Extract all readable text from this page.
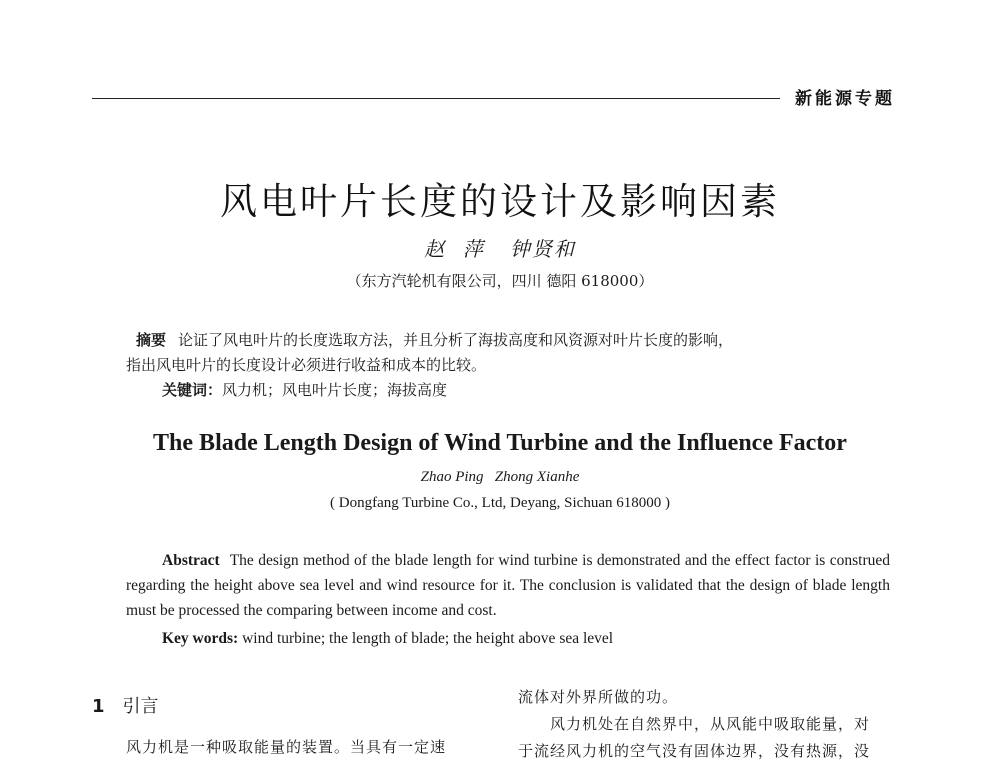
新能源专题
风电叶片长度的设计及影响因素
赵  萍   钟贤和
（东方汽轮机有限公司，四川 德阳 618000）

摘要 论证了风电叶片的长度选取方法，并且分析了海拔高度和风资源对叶片长度的影响，

指出风电叶片的长度设计必须进行收益和成本的比较。

关键词：风力机；风电叶片长度；海拔高度
The Blade Length Design of Wind Turbine and the Influence Factor
Zhao Ping   Zhong Xianhe
( Dongfang Turbine Co., Ltd, Deyang, Sichuan 618000 )

Abstract The design method of the blade length for wind turbine is demonstrated and the effect factor is construed regarding the height above sea level and wind resource for it. The conclusion is validated that the design of blade length must be processed the comparing between income and cost.

Key words: wind turbine; the length of blade; the height above sea level
1 引言
风力机是一种吸取能量的装置。当具有一定速

流体对外界所做的功。

风力机处在自然界中，从风能中吸取能量，对

于流经风力机的空气没有固体边界，没有热源，没
